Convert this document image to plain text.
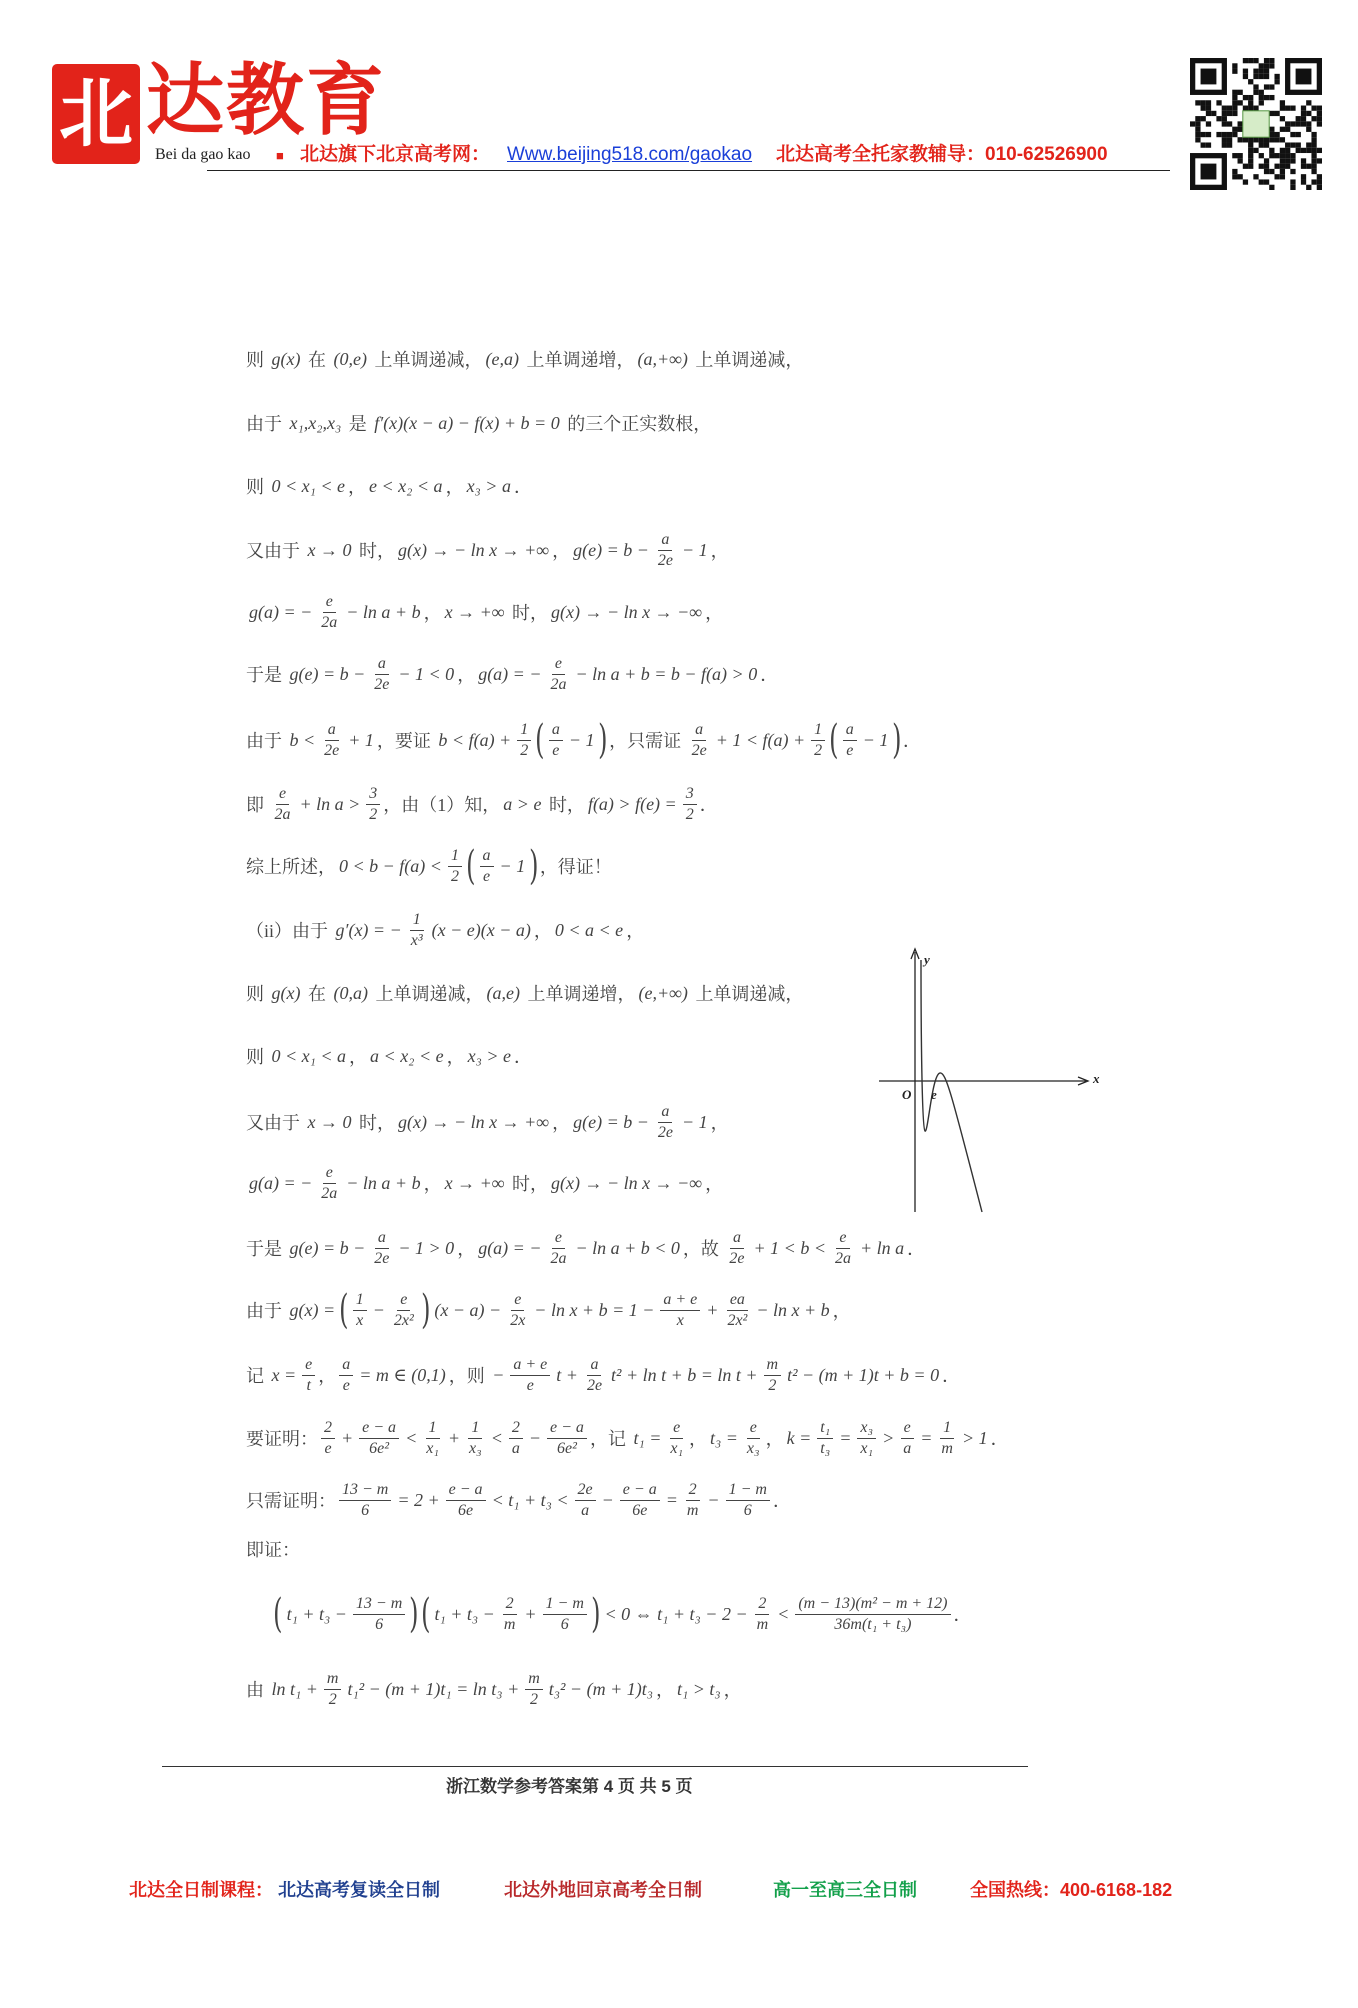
北 达教育
Bei da gao kao ■ 北达旗下北京高考网： Www.beijing518.com/gaokao 北达高考全托家教辅导：010-62526900
则 g(x) 在 (0,e) 上单调递减， (e,a) 上单调递增， (a,+∞) 上单调递减，
由于 x₁,x₂,x₃ 是 f′(x)(x − a) − f(x) + b = 0 的三个正实数根，
则 0 < x₁ < e ， e < x₂ < a ， x₃ > a ．
又由于 x → 0 时， g(x) → − ln x → +∞ ， $g(e) = b - \frac{a}{2e} - 1$ ，
g(a) = − $\frac{e}{2a} - \ln a + b$ ， x → +∞ 时， g(x) → − ln x → −∞ ，
于是 $g(e) = b - \frac{a}{2e} - 1 < 0$ ， g(a) = − $\frac{e}{2a} - \ln a + b = b - f(a) > 0$ ．
由于 $b < \frac{a}{2e} + 1$ ，要证 $b < f(a) + \frac{1}{2}$ ( $\frac{a}{e} - 1$ ) ，只需证 $\frac{a}{2e} + 1 < f(a) + \frac{1}{2}$ ( $\frac{a}{e} - 1$ ) ．
即 $\frac{e}{2a} + \ln a > \frac{3}{2}$ ，由（1）知， a > e 时， $f(a) > f(e) = \frac{3}{2}$ ．
综上所述， $0 < b - f(a) < \frac{1}{2}$ ( $\frac{a}{e} - 1$ ) ，得证！
（ii）由于 g′(x) = − $\frac{1}{\text{x³}} (x - e)(x - a)$ ， 0 < a < e ，
则 g(x) 在 (0,a) 上单调递减， (a,e) 上单调递增， (e,+∞) 上单调递减，
则 0 < x₁ < a ， a < x₂ < e ， x₃ > e ．
又由于 x → 0 时， g(x) → − ln x → +∞ ， $g(e) = b - \frac{a}{2e} - 1$ ，
g(a) = − $\frac{e}{2a} - \ln a + b$ ， x → +∞ 时， g(x) → − ln x → −∞ ，
于是 $g(e) = b - \frac{a}{2e} - 1 > 0$ ， g(a) = − $\frac{e}{2a} - \ln a + b < 0$ ，故 $\frac{a}{2e} + 1 < b < \frac{e}{2a} + \ln a$ ．
由于 g(x) = ( $\frac{1}{x} - \frac{e}{\text{2x²}}$ ) $(x - a) - \frac{e}{2x} - \ln x + b = 1 - \frac{a + e}{x} + \frac{ea}{\text{2x²}} - \ln x + b$ ，
记 $x = \frac{e}{t}$ ， $\frac{a}{e} = m$ ∈ (0,1) ，则 − $\frac{a + e}{e}$ $t + \frac{a}{2e} t^2 + \ln t + b = \ln t + \frac{m}{2} t^2 - (m + 1)t + b = 0$ ．
要证明： $\frac{2}{e} + \frac{e - a}{\text{6e²}} < \frac{1}{\text{x₁}} + \frac{1}{\text{x₃}} < \frac{2}{a} - \frac{e - a}{\text{6e²}}$ ，记 $t_1 = \frac{e}{\text{x₁}}$ ， $t_3 = \frac{e}{\text{x₃}}$ ， $k = \frac{\text{t₁}}{\text{t₃}} = \frac{\text{x₃}}{\text{x₁}} > \frac{e}{a} = \frac{1}{m} > 1$ ．
只需证明： $\frac{13 - m}{6} = 2 + \frac{e - a}{6e} < t_1 + t_3 < \frac{2e}{a} - \frac{e - a}{6e} = \frac{2}{m} - \frac{1 - m}{6}$ ．
即证：
( $t_1 + t_3 - \frac{13 - m}{6}$ ) ( $t_1 + t_3 - \frac{2}{m} + \frac{1 - m}{6}$ ) < 0 ⇔ $t_1 + t_3 - 2 - \frac{2}{m} < \frac{\text{(m − 13)(m² − m + 12)}}{\text{36m(t₁ + t₃)}}$ ．
由 $\ln t_1 + \frac{m}{2} t_1^2 - (m + 1)t_1 = \ln t_3 + \frac{m}{2} t_3^2 - (m + 1)t_3$ ， t₁ > t₃ ，
y
x
O e
浙江数学参考答案第 4 页 共 5 页
北达全日制课程： 北达高考复读全日制	北达外地回京高考全日制	高一至高三全日制	全国热线：400-6168-182
